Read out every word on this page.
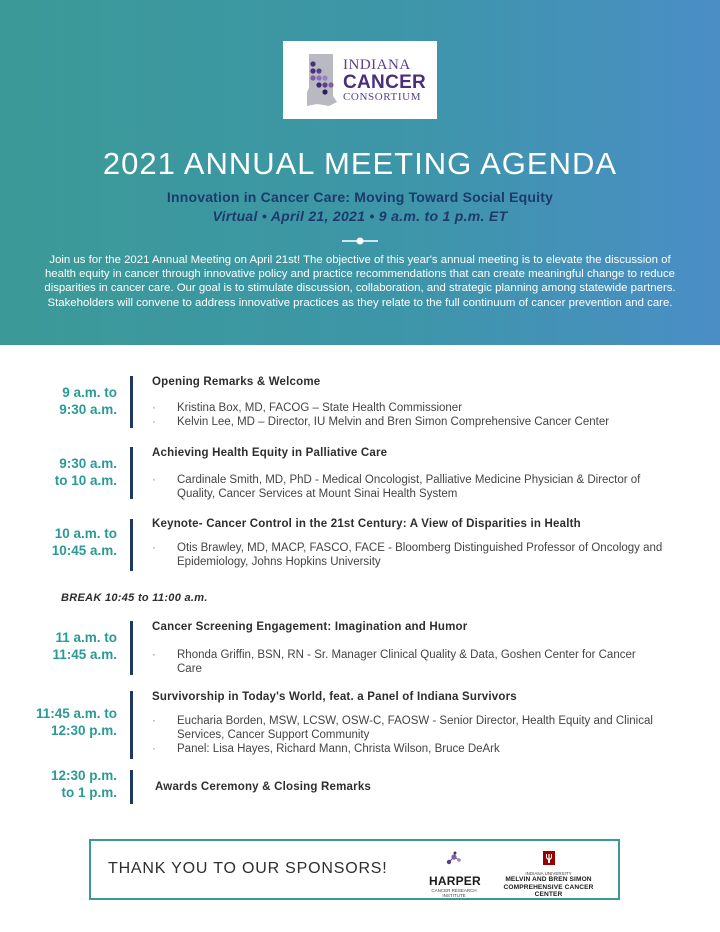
INDIANA
CANCER
CONSORTIUM
2021 ANNUAL MEETING AGENDA
Innovation in Cancer Care: Moving Toward Social Equity
Virtual • April 21, 2021 • 9 a.m. to 1 p.m. ET

Join us for the 2021 Annual Meeting on April 21st! The objective of this year's annual meeting is to elevate the discussion of health equity in cancer through innovative policy and practice recommendations that can create meaningful change to reduce disparities in cancer care. Our goal is to stimulate discussion, collaboration, and strategic planning among statewide partners. Stakeholders will convene to address innovative practices as they relate to the full continuum of cancer prevention and care.

9 a.m. to
9:30 a.m.
Opening Remarks & Welcome
· Kristina Box, MD, FACOG – State Health Commissioner
· Kelvin Lee, MD – Director, IU Melvin and Bren Simon Comprehensive Cancer Center
9:30 a.m.
to 10 a.m.
Achieving Health Equity in Palliative Care
· Cardinale Smith, MD, PhD - Medical Oncologist, Palliative Medicine Physician & Director of Quality, Cancer Services at Mount Sinai Health System
10 a.m. to
10:45 a.m.
Keynote- Cancer Control in the 21st Century: A View of Disparities in Health
· Otis Brawley, MD, MACP, FASCO, FACE - Bloomberg Distinguished Professor of Oncology and Epidemiology, Johns Hopkins University
BREAK 10:45 to 11:00 a.m.
11 a.m. to
11:45 a.m.
Cancer Screening Engagement: Imagination and Humor
· Rhonda Griffin, BSN, RN - Sr. Manager Clinical Quality & Data, Goshen Center for Cancer Care
11:45 a.m. to
12:30 p.m.
Survivorship in Today's World, feat. a Panel of Indiana Survivors
· Eucharia Borden, MSW, LCSW, OSW-C, FAOSW - Senior Director, Health Equity and Clinical Services, Cancer Support Community
· Panel: Lisa Hayes, Richard Mann, Christa Wilson, Bruce DeArk
12:30 p.m.
to 1 p.m.	Awards Ceremony & Closing Remarks
THANK YOU TO OUR SPONSORS!
HARPER
CANCER RESEARCH INSTITUTE
INDIANA UNIVERSITY
MELVIN AND BREN SIMON
COMPREHENSIVE CANCER CENTER
